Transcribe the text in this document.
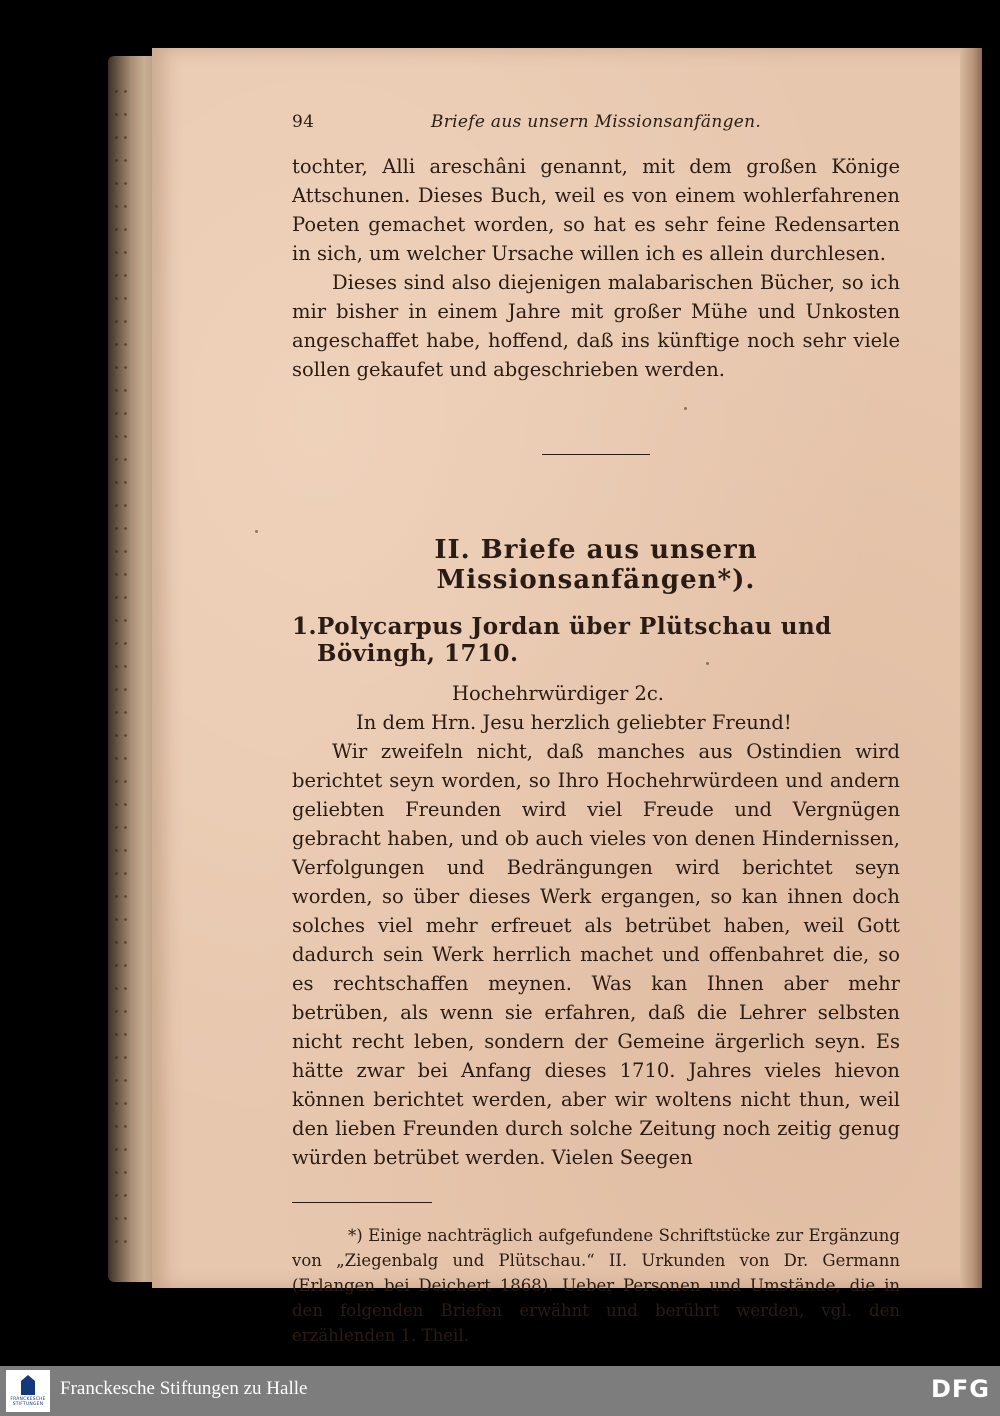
94	Briefe aus unsern Missionsanfängen.

tochter, Alli areschâni genannt, mit dem großen Könige Attschunen. Dieses Buch, weil es von einem wohlerfahrenen Poeten gemachet worden, so hat es sehr feine Redensarten in sich, um welcher Ursache willen ich es allein durchlesen.

Dieses sind also diejenigen malabarischen Bücher, so ich mir bisher in einem Jahre mit großer Mühe und Unkosten angeschaffet habe, hoffend, daß ins künftige noch sehr viele sollen gekaufet und abgeschrieben werden.

II. Briefe aus unsern Missionsanfängen*).
1. Polycarpus Jordan über Plütschau und Bövingh, 1710.
Hochehrwürdiger 2c.
In dem Hrn. Jesu herzlich geliebter Freund!

Wir zweifeln nicht, daß manches aus Ostindien wird berichtet seyn worden, so Ihro Hochehrwürdeen und andern geliebten Freunden wird viel Freude und Vergnügen gebracht haben, und ob auch vieles von denen Hindernissen, Verfolgungen und Bedrängungen wird berichtet seyn worden, so über dieses Werk ergangen, so kan ihnen doch solches viel mehr erfreuet als betrübet haben, weil Gott dadurch sein Werk herrlich machet und offenbahret die, so es rechtschaffen meynen. Was kan Ihnen aber mehr betrüben, als wenn sie erfahren, daß die Lehrer selbsten nicht recht leben, sondern der Gemeine ärgerlich seyn. Es hätte zwar bei Anfang dieses 1710. Jahres vieles hievon können berichtet werden, aber wir woltens nicht thun, weil den lieben Freunden durch solche Zeitung noch zeitig genug würden betrübet werden. Vielen Seegen

*) Einige nachträglich aufgefundene Schriftstücke zur Ergänzung von „Ziegenbalg und Plütschau.“ II. Urkunden von Dr. Germann (Erlangen bei Deichert 1868). Ueber Personen und Umstände, die in den folgenden Briefen erwähnt und berührt werden, vgl. den erzählenden 1. Theil.

FRANCKESCHE STIFTUNGEN
Franckesche Stiftungen zu Halle	DFG
